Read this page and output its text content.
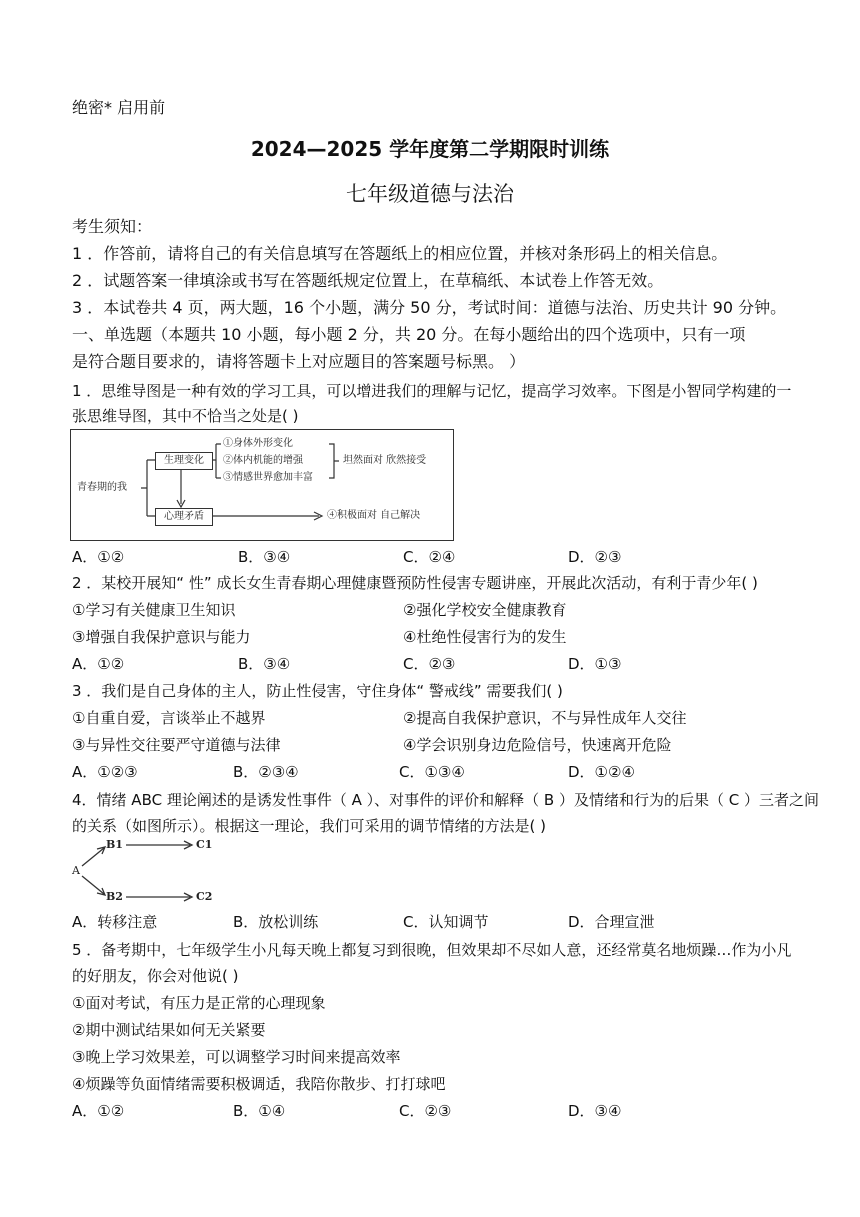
绝密* 启用前
2024—2025 学年度第二学期限时训练
七年级道德与法治
考生须知：
1 ．作答前，请将自己的有关信息填写在答题纸上的相应位置，并核对条形码上的相关信息。
2 ．试题答案一律填涂或书写在答题纸规定位置上，在草稿纸、本试卷上作答无效。
3 ．本试卷共 4 页，两大题，16 个小题，满分 50 分，考试时间：道德与法治、历史共计 90 分钟。
一、单选题（本题共 10 小题，每小题 2 分，共 20 分。在每小题给出的四个选项中，只有一项
是符合题目要求的，请将答题卡上对应题目的答案题号标黑。 ）
1 ．思维导图是一种有效的学习工具，可以增进我们的理解与记忆，提高学习效率。下图是小智同学构建的一
张思维导图，其中不恰当之处是( )
青春期的我
生理变化
心理矛盾
①身体外形变化
②体内机能的增强
③情感世界愈加丰富
坦然面对 欣然接受
④积极面对 自己解决
A．①②	B．③④	C．②④	D．②③
2 ．某校开展知“ 性” 成长女生青春期心理健康暨预防性侵害专题讲座，开展此次活动，有利于青少年( )
①学习有关健康卫生知识	②强化学校安全健康教育
③增强自我保护意识与能力	④杜绝性侵害行为的发生
A．①②	B．③④	C．②③	D．①③
3 ．我们是自己身体的主人，防止性侵害，守住身体“ 警戒线” 需要我们( )
①自重自爱，言谈举止不越界	②提高自我保护意识，不与异性成年人交往
③与异性交往要严守道德与法律	④学会识别身边危险信号，快速离开危险
A．①②③	B．②③④	C．①③④	D．①②④
4．情绪 ABC 理论阐述的是诱发性事件（ A ）、对事件的评价和解释（ B ）及情绪和行为的后果（ C ）三者之间
的关系（如图所示）。根据这一理论，我们可采用的调节情绪的方法是( )
A
B1	C1
B2	C2
A．转移注意	B．放松训练	C．认知调节	D．合理宣泄
5 ．备考期中，七年级学生小凡每天晚上都复习到很晚，但效果却不尽如人意，还经常莫名地烦躁…作为小凡
的好朋友，你会对他说( )
①面对考试，有压力是正常的心理现象
②期中测试结果如何无关紧要
③晚上学习效果差，可以调整学习时间来提高效率
④烦躁等负面情绪需要积极调适，我陪你散步、打打球吧
A．①②	B．①④	C．②③	D．③④
